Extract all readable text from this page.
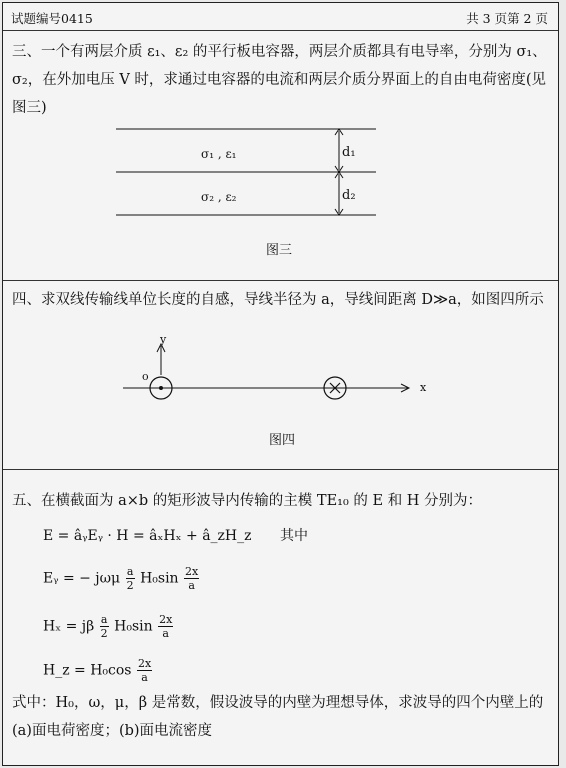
试题编号0415	共 3 页第 2 页
三、一个有两层介质 ε₁、ε₂ 的平行板电容器，两层介质都具有电导率，分别为 σ₁、σ₂，在外加电压 V 时，求通过电容器的电流和两层介质分界面上的自由电荷密度(见图三)
σ₁ , ε₁
σ₂ , ε₂
d₁
d₂
图三
四、求双线传输线单位长度的自感，导线半径为 a，导线间距离 D≫a，如图四所示
o
y
x
图四
五、在横截面为 a×b 的矩形波导内传输的主模 TE₁₀ 的 E 和 H 分别为：
E = âᵧEᵧ · H = âₓHₓ + â_zH_z 其中
Eᵧ = − jωμ $\frac{a}{2} H_0\sin \frac{2x}{a}$
Hₓ = jβ $\frac{a}{2} H_0\sin \frac{2x}{a}$
H_z = $H_0\cos \frac{2x}{a}$
式中：H₀，ω，μ，β 是常数，假设波导的内壁为理想导体，求波导的四个内壁上的(a)面电荷密度；(b)面电流密度
